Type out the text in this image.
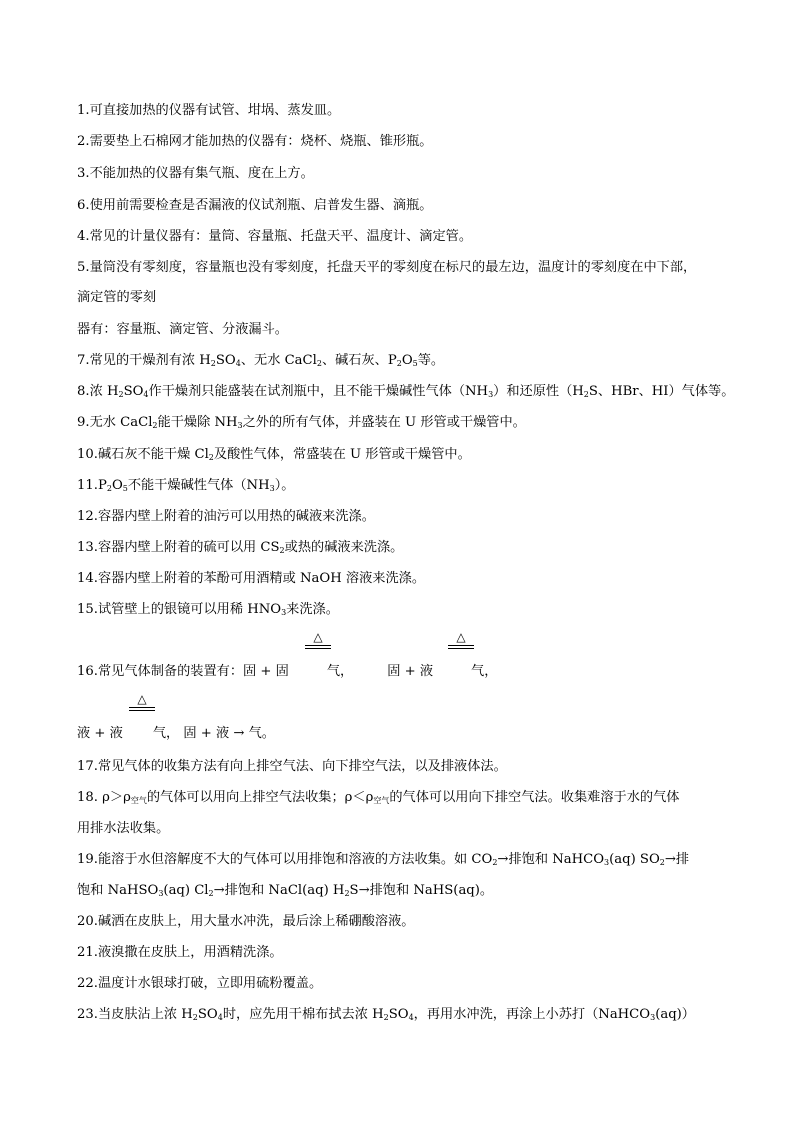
1.可直接加热的仪器有试管、坩埚、蒸发皿。
2.需要垫上石棉网才能加热的仪器有：烧杯、烧瓶、锥形瓶。
3.不能加热的仪器有集气瓶、度在上方。
6.使用前需要检查是否漏液的仪试剂瓶、启普发生器、滴瓶。
4.常见的计量仪器有：量筒、容量瓶、托盘天平、温度计、滴定管。
5.量筒没有零刻度，容量瓶也没有零刻度，托盘天平的零刻度在标尺的最左边，温度计的零刻度在中下部，
滴定管的零刻
器有：容量瓶、滴定管、分液漏斗。
7.常见的干燥剂有浓 $H_2SO_4$、无水 CaCl$_2$、碱石灰、$P_2O_5$等。
8.浓 $H_2SO_4$作干燥剂只能盛装在试剂瓶中，且不能干燥碱性气体$(NH_3)$和还原性（$H_2S$、HBr、HI）气体等。
9.无水 CaCl$_2$能干燥除 $NH_3$之外的所有气体，并盛装在 U 形管或干燥管中。
10.碱石灰不能干燥 $Cl_2$及酸性气体，常盛装在 U 形管或干燥管中。
$11.P_2O_5$不能干燥碱性气体$(NH_3)$。
12.容器内壁上附着的油污可以用热的碱液来洗涤。
13.容器内壁上附着的硫可以用 $CS_2$或热的碱液来洗涤。
14.容器内壁上附着的苯酚可用酒精或 NaOH 溶液来洗涤。
15.试管壁上的银镜可以用稀 $HNO_3$来洗涤。
△	△
16.常见气体制备的装置有：固 + 固	气，	固 + 液	气，
△
液 + 液 气， 固 + 液 → 气。
17.常见气体的收集方法有向上排空气法、向下排空气法，以及排液体法。
18. $\rho>\rho_{空气}$的气体可以用向上排空气法收集；$\rho<\rho_{空气}$的气体可以用向下排空气法。收集难溶于水的气体
用排水法收集。
19.能溶于水但溶解度不大的气体可以用排饱和溶液的方法收集。如 $CO_2\to$排饱和 NaHCO$_3$(aq) $SO_2\to$排
饱和 NaHSO$_3$(aq) $Cl_2\to$排饱和 NaCl(aq) $H_2S\to$排饱和 NaHS(aq)。
20.碱洒在皮肤上，用大量水冲洗，最后涂上稀硼酸溶液。
21.液溴撒在皮肤上，用酒精洗涤。
22.温度计水银球打破，立即用硫粉覆盖。
23.当皮肤沾上浓 $H_2SO_4$时，应先用干棉布拭去浓 $H_2SO_4$，再用水冲洗，再涂上小苏打（NaHCO$_3$(aq)）
